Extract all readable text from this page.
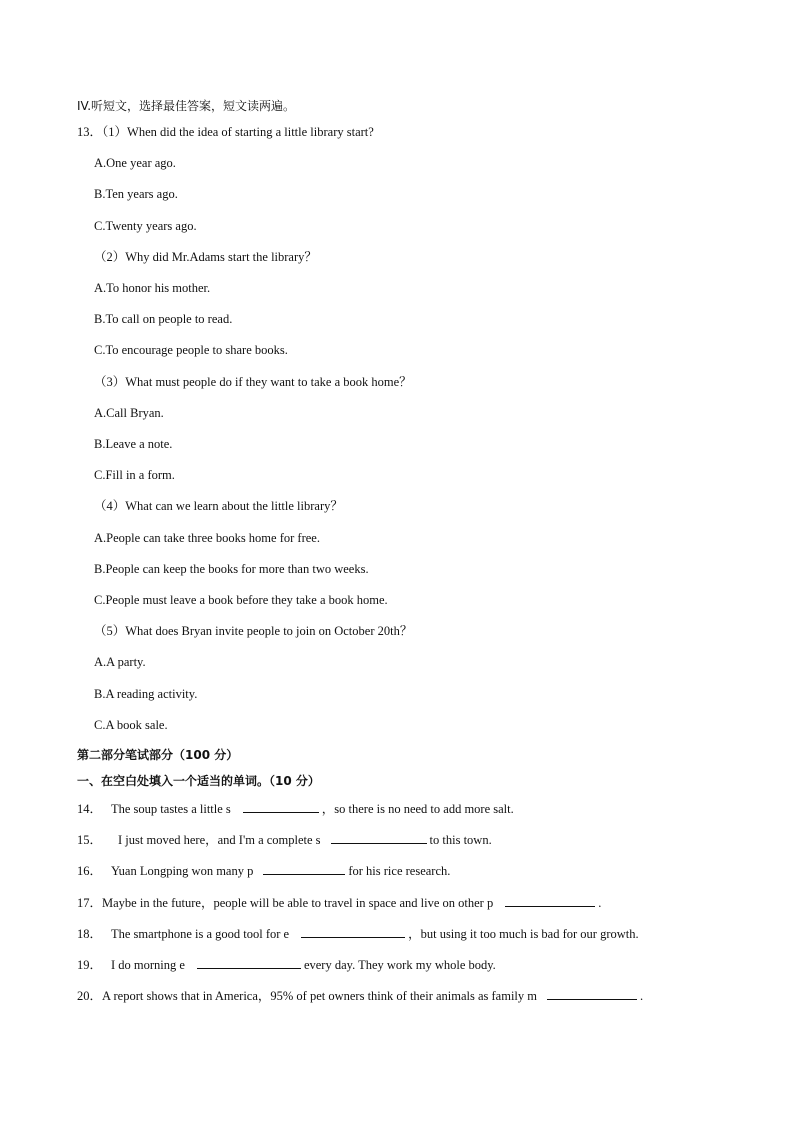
IV.听短文，选择最佳答案，短文读两遍。
13．（1）When did the idea of starting a little library start?
A.One year ago.
B.Ten years ago.
C.Twenty years ago.
（2）Why did Mr.Adams start the library？
A.To honor his mother.
B.To call on people to read.
C.To encourage people to share books.
（3）What must people do if they want to take a book home？
A.Call Bryan.
B.Leave a note.
C.Fill in a form.
（4）What can we learn about the little library？
A.People can take three books home for free.
B.People can keep the books for more than two weeks.
C.People must leave a book before they take a book home.
（5）What does Bryan invite people to join on October 20th？
A.A party.
B.A reading activity.
C.A book sale.
第二部分笔试部分（100 分）
一、在空白处填入一个适当的单词。（10 分）
14． The soup tastes a little s	，so there is no need to add more salt.
15． I just moved here，and I'm a complete s	to this town.
16． Yuan Longping won many p	for his rice research.
17．Maybe in the future，people will be able to travel in space and live on other p	.
18． The smartphone is a good tool for e	，but using it too much is bad for our growth.
19． I do morning e	every day. They work my whole body.
20．A report shows that in America，95% of pet owners think of their animals as family m	.
